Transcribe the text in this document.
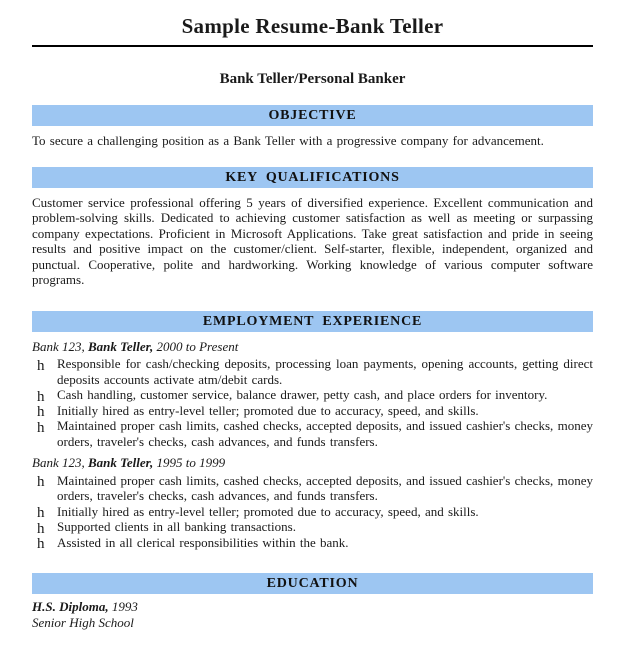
Sample Resume-Bank Teller
Bank Teller/Personal Banker
OBJECTIVE
To secure a challenging position as a Bank Teller with a progressive company for advancement.
KEY QUALIFICATIONS
Customer service professional offering 5 years of diversified experience. Excellent communication and problem-solving skills. Dedicated to achieving customer satisfaction as well as meeting or surpassing company expectations. Proficient in Microsoft Applications. Take great satisfaction and pride in seeing results and positive impact on the customer/client. Self-starter, flexible, independent, organized and punctual. Cooperative, polite and hardworking. Working knowledge of various computer software programs.
EMPLOYMENT EXPERIENCE
Bank 123, Bank Teller, 2000 to Present
h Responsible for cash/checking deposits, processing loan payments, opening accounts, getting direct deposits accounts activate atm/debit cards.
h Cash handling, customer service, balance drawer, petty cash, and place orders for inventory.
h Initially hired as entry-level teller; promoted due to accuracy, speed, and skills.
h Maintained proper cash limits, cashed checks, accepted deposits, and issued cashier's checks, money orders, traveler's checks, cash advances, and funds transfers.
Bank 123, Bank Teller, 1995 to 1999
h Maintained proper cash limits, cashed checks, accepted deposits, and issued cashier's checks, money orders, traveler's checks, cash advances, and funds transfers.
h Initially hired as entry-level teller; promoted due to accuracy, speed, and skills.
h Supported clients in all banking transactions.
h Assisted in all clerical responsibilities within the bank.
EDUCATION
H.S. Diploma, 1993
Senior High School
